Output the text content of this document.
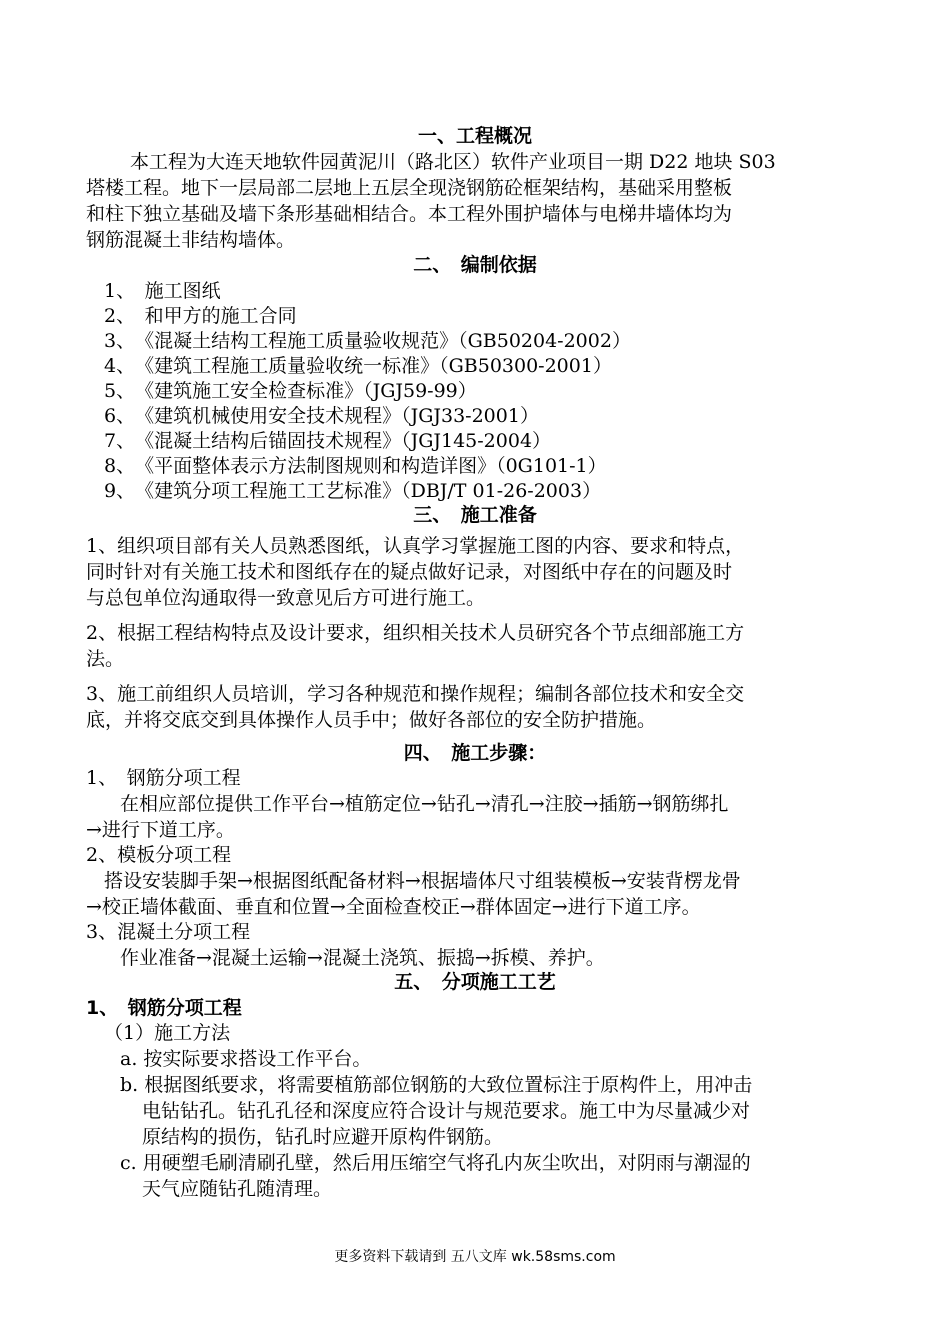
一、工程概况
本工程为大连天地软件园黄泥川（路北区）软件产业项目一期 D22 地块 S03
塔楼工程。地下一层局部二层地上五层全现浇钢筋砼框架结构，基础采用整板
和柱下独立基础及墙下条形基础相结合。本工程外围护墙体与电梯井墙体均为
钢筋混凝土非结构墙体。
二、　编制依据
1、　施工图纸
2、　和甲方的施工合同
3、　《混凝土结构工程施工质量验收规范》（GB50204-2002）
4、　《建筑工程施工质量验收统一标准》（GB50300-2001）
5、　《建筑施工安全检查标准》（JGJ59-99）
6、　《建筑机械使用安全技术规程》（JGJ33-2001）
7、　《混凝土结构后锚固技术规程》（JGJ145-2004）
8、　《平面整体表示方法制图规则和构造详图》（0G101-1）
9、　《建筑分项工程施工工艺标准》（DBJ/T 01-26-2003）
三、　施工准备
1、组织项目部有关人员熟悉图纸，认真学习掌握施工图的内容、要求和特点，
同时针对有关施工技术和图纸存在的疑点做好记录，对图纸中存在的问题及时
与总包单位沟通取得一致意见后方可进行施工。
2、根据工程结构特点及设计要求，组织相关技术人员研究各个节点细部施工方
法。
3、施工前组织人员培训，学习各种规范和操作规程；编制各部位技术和安全交
底，并将交底交到具体操作人员手中；做好各部位的安全防护措施。
四、　施工步骤：
1、　钢筋分项工程
在相应部位提供工作平台→植筋定位→钻孔→清孔→注胶→插筋→钢筋绑扎
→进行下道工序。
2、模板分项工程
搭设安装脚手架→根据图纸配备材料→根据墙体尺寸组装模板→安装背楞龙骨
→校正墙体截面、垂直和位置→全面检查校正→群体固定→进行下道工序。
3、混凝土分项工程
作业准备→混凝土运输→混凝土浇筑、振捣→拆模、养护。
五、　分项施工工艺
1、　钢筋分项工程
（1）施工方法
a. 按实际要求搭设工作平台。
b. 根据图纸要求，将需要植筋部位钢筋的大致位置标注于原构件上，用冲击
电钻钻孔。钻孔孔径和深度应符合设计与规范要求。施工中为尽量减少对
原结构的损伤，钻孔时应避开原构件钢筋。
c. 用硬塑毛刷清刷孔壁，然后用压缩空气将孔内灰尘吹出，对阴雨与潮湿的
天气应随钻孔随清理。
更多资料下载请到 五八文库 wk.58sms.com
